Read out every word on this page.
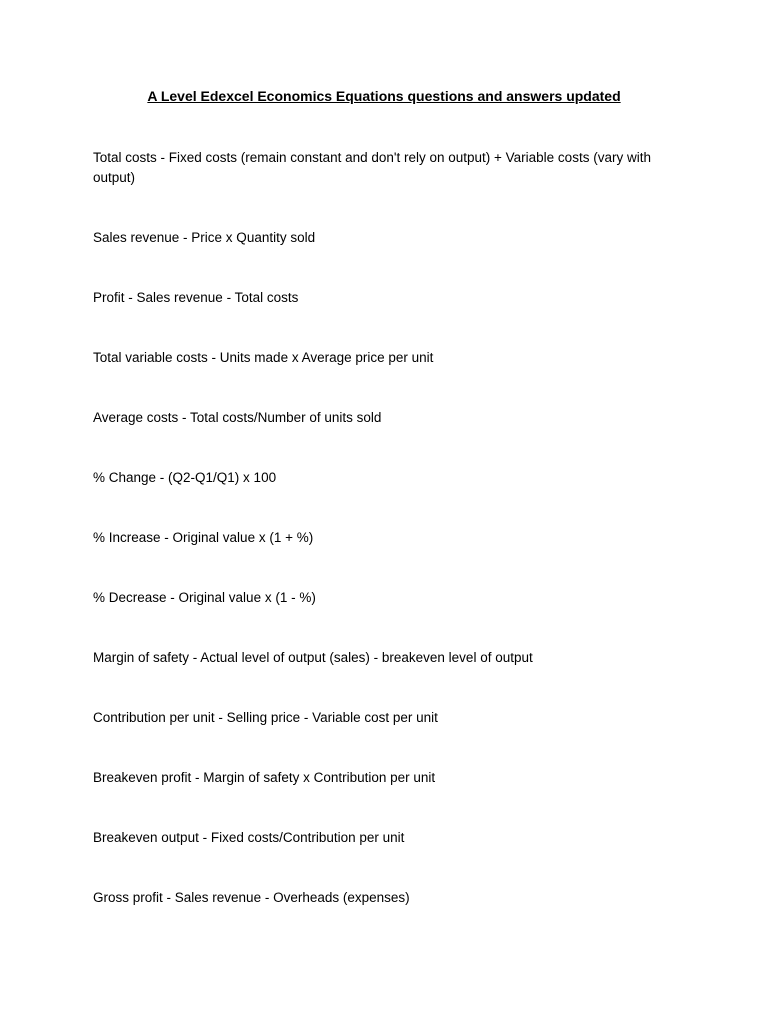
A Level Edexcel Economics Equations questions and answers updated
Total costs - Fixed costs (remain constant and don't rely on output) + Variable costs (vary with output)
Sales revenue - Price x Quantity sold
Profit - Sales revenue - Total costs
Total variable costs - Units made x Average price per unit
Average costs - Total costs/Number of units sold
% Change - (Q2-Q1/Q1) x 100
% Increase - Original value x (1 + %)
% Decrease - Original value x (1 - %)
Margin of safety - Actual level of output (sales) - breakeven level of output
Contribution per unit - Selling price - Variable cost per unit
Breakeven profit - Margin of safety x Contribution per unit
Breakeven output - Fixed costs/Contribution per unit
Gross profit - Sales revenue - Overheads (expenses)
